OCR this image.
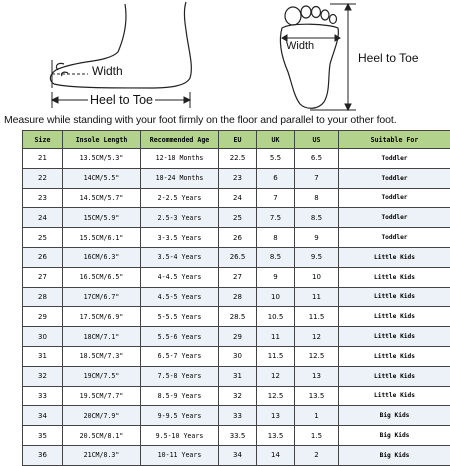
Width
Heel to Toe
Width
Heel to Toe
Measure while standing with your foot firmly on the floor and parallel to your other foot.
Size	Insole Length	Recommended Age	EU	UK	US	Suitable For
21	13.5CM/5.3"	12-18 Months	22.5	5.5	6.5	Toddler
22	14CM/5.5"	18-24 Months	23	6	7	Toddler
23	14.5CM/5.7"	2-2.5 Years	24	7	8	Toddler
24	15CM/5.9"	2.5-3 Years	25	7.5	8.5	Toddler
25	15.5CM/6.1"	3-3.5 Years	26	8	9	Toddler
26	16CM/6.3"	3.5-4 Years	26.5	8.5	9.5	Little Kids
27	16.5CM/6.5"	4-4.5 Years	27	9	10	Little Kids
28	17CM/6.7"	4.5-5 Years	28	10	11	Little Kids
29	17.5CM/6.9"	5-5.5 Years	28.5	10.5	11.5	Little Kids
30	18CM/7.1"	5.5-6 Years	29	11	12	Little Kids
31	18.5CM/7.3"	6.5-7 Years	30	11.5	12.5	Little Kids
32	19CM/7.5"	7.5-8 Years	31	12	13	Little Kids
33	19.5CM/7.7"	8.5-9 Years	32	12.5	13.5	Little Kids
34	20CM/7.9"	9-9.5 Years	33	13	1	Big Kids
35	20.5CM/8.1"	9.5-10 Years	33.5	13.5	1.5	Big Kids
36	21CM/8.3"	10-11 Years	34	14	2	Big Kids
